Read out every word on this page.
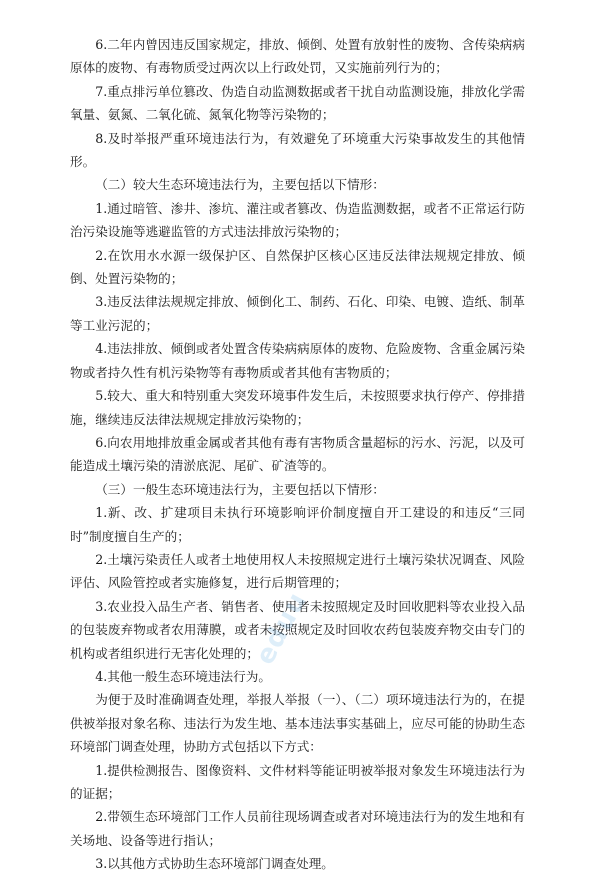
6.二年内曾因违反国家规定，排放、倾倒、处置有放射性的废物、含传染病病原体的废物、有毒物质受过两次以上行政处罚，又实施前列行为的；

7.重点排污单位篡改、伪造自动监测数据或者干扰自动监测设施，排放化学需氧量、氨氮、二氧化硫、氮氧化物等污染物的；

8.及时举报严重环境违法行为，有效避免了环境重大污染事故发生的其他情形。

（二）较大生态环境违法行为，主要包括以下情形：

1.通过暗管、渗井、渗坑、灌注或者篡改、伪造监测数据，或者不正常运行防治污染设施等逃避监管的方式违法排放污染物的；

2.在饮用水水源一级保护区、自然保护区核心区违反法律法规规定排放、倾倒、处置污染物的；

3.违反法律法规规定排放、倾倒化工、制药、石化、印染、电镀、造纸、制革等工业污泥的；

4.违法排放、倾倒或者处置含传染病病原体的废物、危险废物、含重金属污染物或者持久性有机污染物等有毒物质或者其他有害物质的；

5.较大、重大和特别重大突发环境事件发生后，未按照要求执行停产、停排措施，继续违反法律法规规定排放污染物的；

6.向农用地排放重金属或者其他有毒有害物质含量超标的污水、污泥，以及可能造成土壤污染的清淤底泥、尾矿、矿渣等的。

（三）一般生态环境违法行为，主要包括以下情形：

1.新、改、扩建项目未执行环境影响评价制度擅自开工建设的和违反“三同时”制度擅自生产的；

2.土壤污染责任人或者土地使用权人未按照规定进行土壤污染状况调查、风险评估、风险管控或者实施修复，进行后期管理的；

3.农业投入品生产者、销售者、使用者未按照规定及时回收肥料等农业投入品的包装废弃物或者农用薄膜，或者未按照规定及时回收农药包装废弃物交由专门的机构或者组织进行无害化处理的；

4.其他一般生态环境违法行为。

为便于及时准确调查处理，举报人举报（一）、（二）项环境违法行为的，在提供被举报对象名称、违法行为发生地、基本违法事实基础上，应尽可能的协助生态环境部门调查处理，协助方式包括以下方式：

1.提供检测报告、图像资料、文件材料等能证明被举报对象发生环境违法行为的证据；

2.带领生态环境部门工作人员前往现场调查或者对环境违法行为的发生地和有关场地、设备等进行指认；

3.以其他方式协助生态环境部门调查处理。

eduu
